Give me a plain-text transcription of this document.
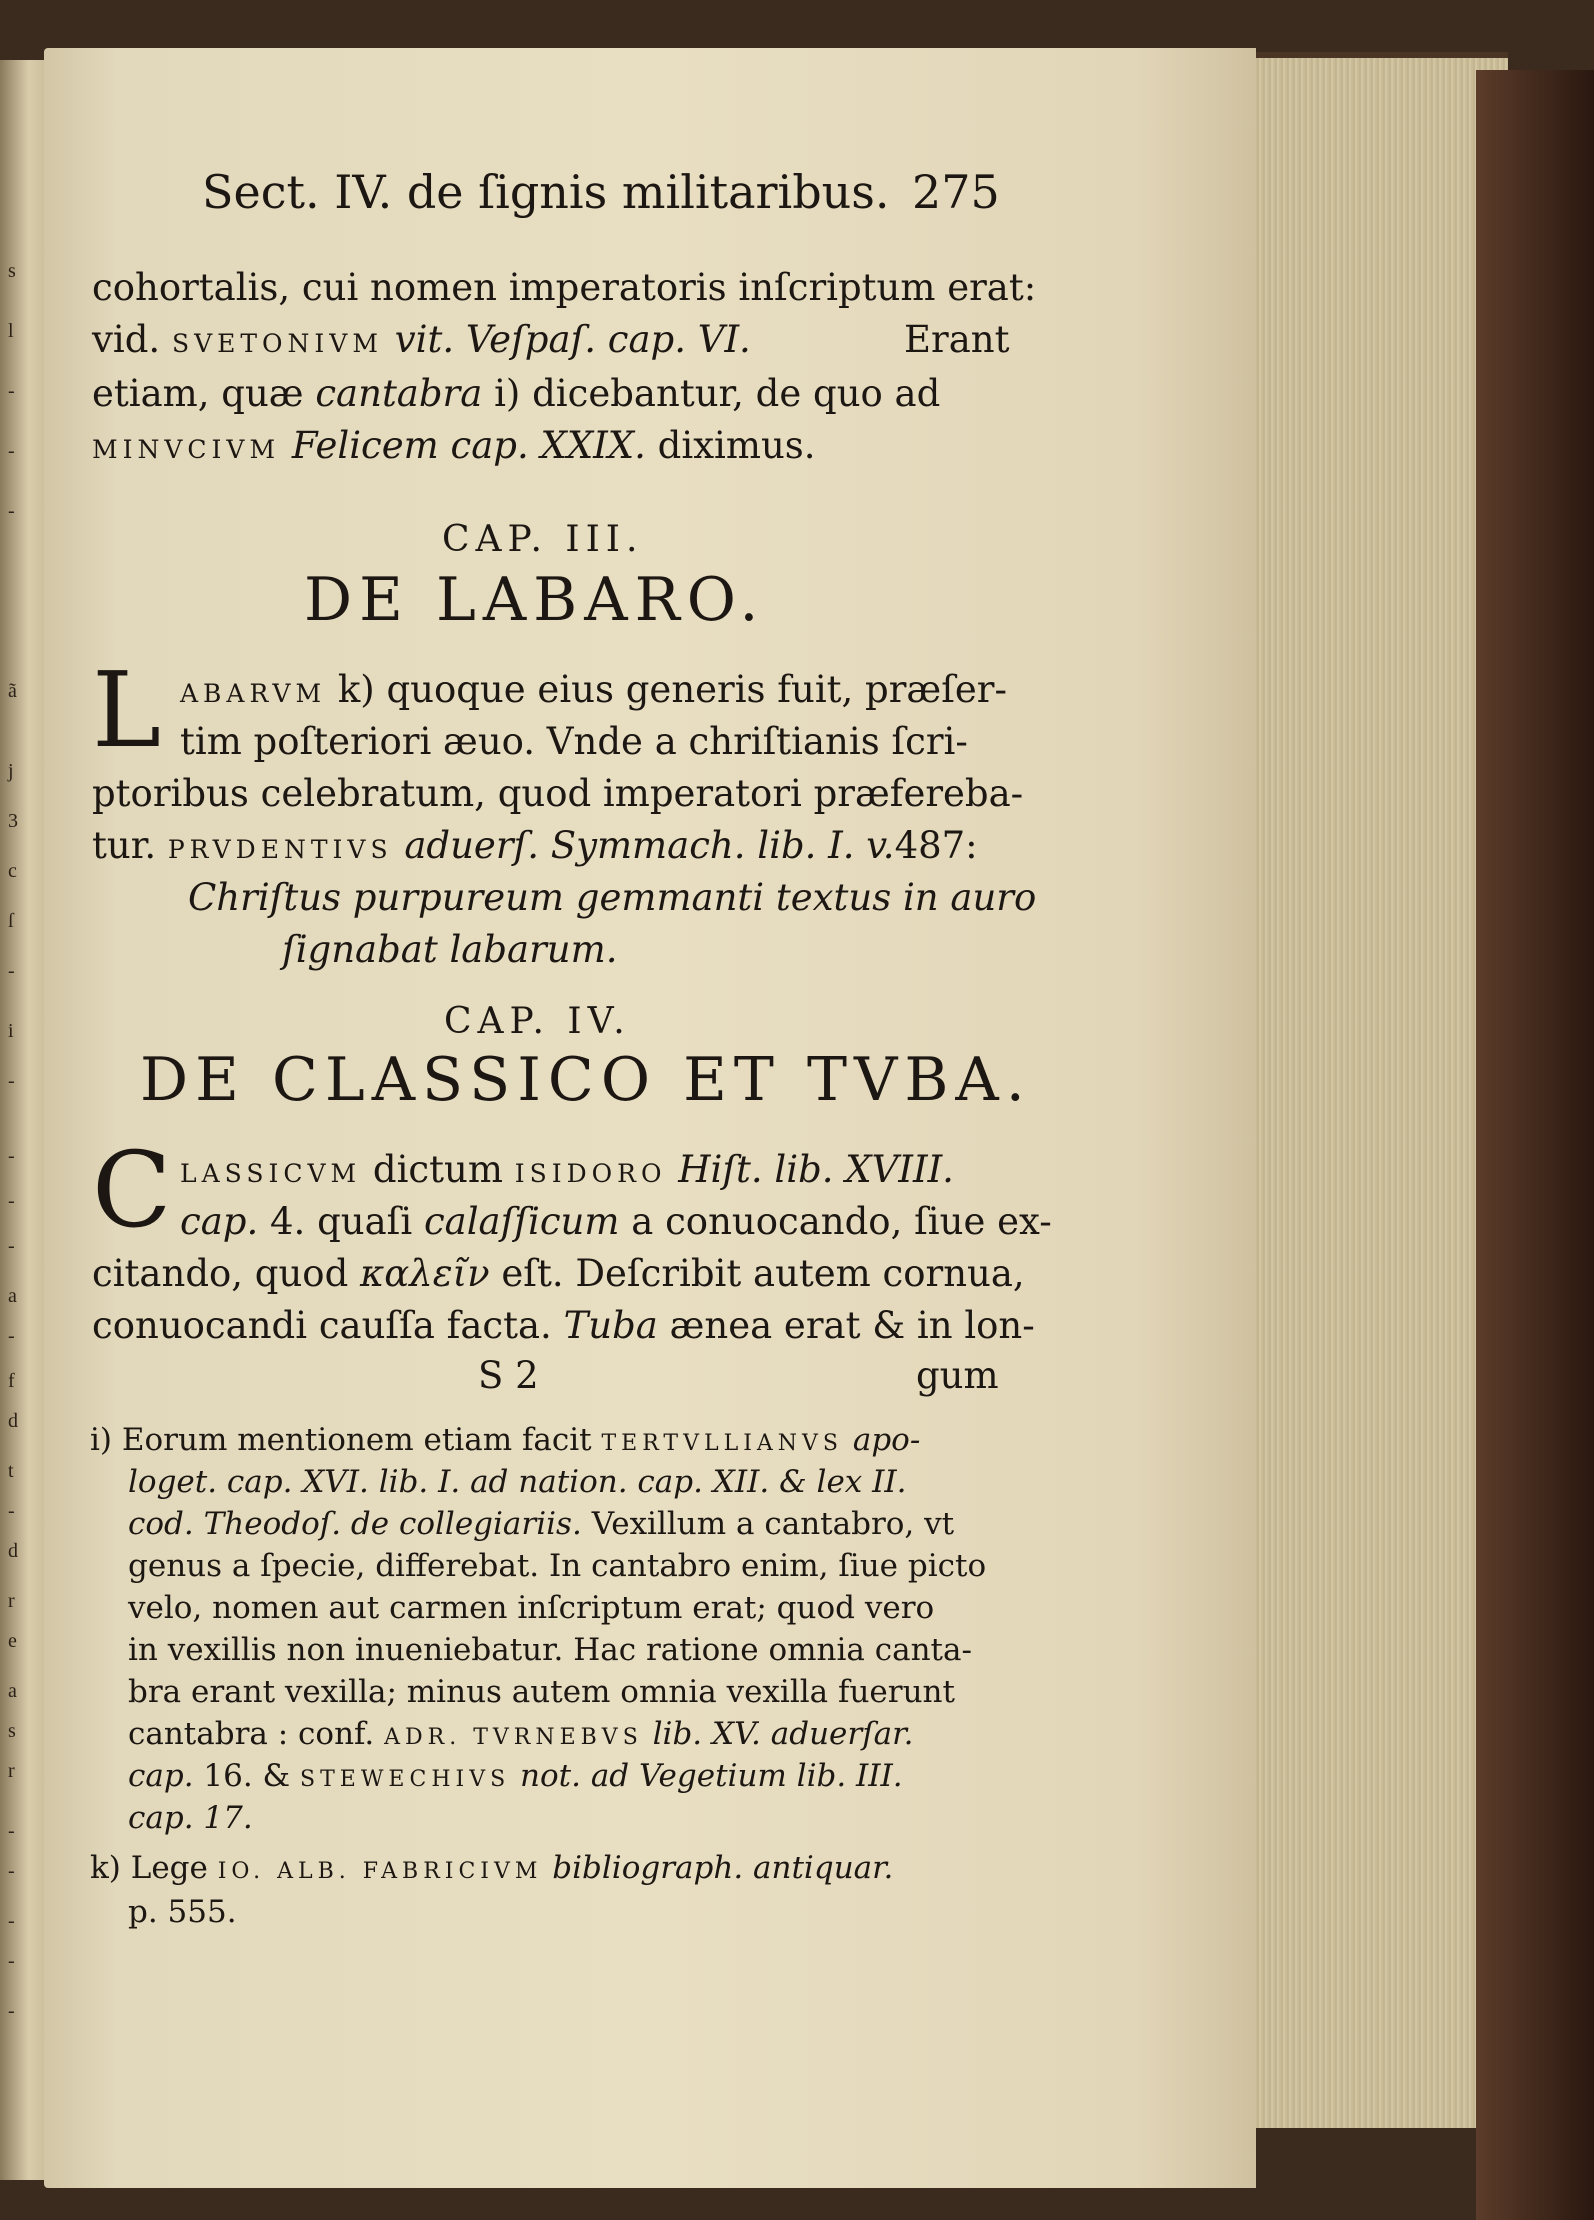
s
l
-
-
-
ã
j
3
c
ſ
-
i
-
-
-
-
a
-
f
d
t
-
d
r
e
a
s
r
-
-
-
-
-
Sect. IV. de ſignis militaribus. 275
cohortalis, cui nomen imperatoris inſcriptum erat:
vid. SVETONIVM vit. Veſpaſ. cap. VI.	Erant
etiam, quæ cantabra i) dicebantur, de quo ad
MINVCIVM Felicem cap. XXIX. diximus.
CAP. III.
DE LABARO.
L ABARVM k) quoque eius generis fuit, præſer-
tim poſteriori æuo. Vnde a chriſtianis ſcri-
ptoribus celebratum, quod imperatori præfereba-
tur. PRVDENTIVS aduerſ. Symmach. lib. I. v.487:
Chriſtus purpureum gemmanti textus in auro
ſignabat labarum.
CAP. IV.
DE CLASSICO ET TVBA.
C LASSICVM dictum ISIDORO Hiſt. lib. XVIII.
cap. 4. quaſi calaſſicum a conuocando, ſiue ex-
citando, quod καλεῖν eſt. Deſcribit autem cornua,
conuocandi cauſſa facta. Tuba ænea erat & in lon-
S 2	gum
i) Eorum mentionem etiam facit TERTVLLIANVS apo-
loget. cap. XVI. lib. I. ad nation. cap. XII. & lex II.
cod. Theodoſ. de collegiariis. Vexillum a cantabro, vt
genus a ſpecie, differebat. In cantabro enim, ſiue picto
velo, nomen aut carmen inſcriptum erat; quod vero
in vexillis non inueniebatur. Hac ratione omnia canta-
bra erant vexilla; minus autem omnia vexilla fuerunt
cantabra : conf. ADR. TVRNEBVS lib. XV. aduerſar.
cap. 16. & STEWECHIVS not. ad Vegetium lib. III.
cap. 17.
k) Lege IO. ALB. FABRICIVM bibliograph. antiquar.
p. 555.
